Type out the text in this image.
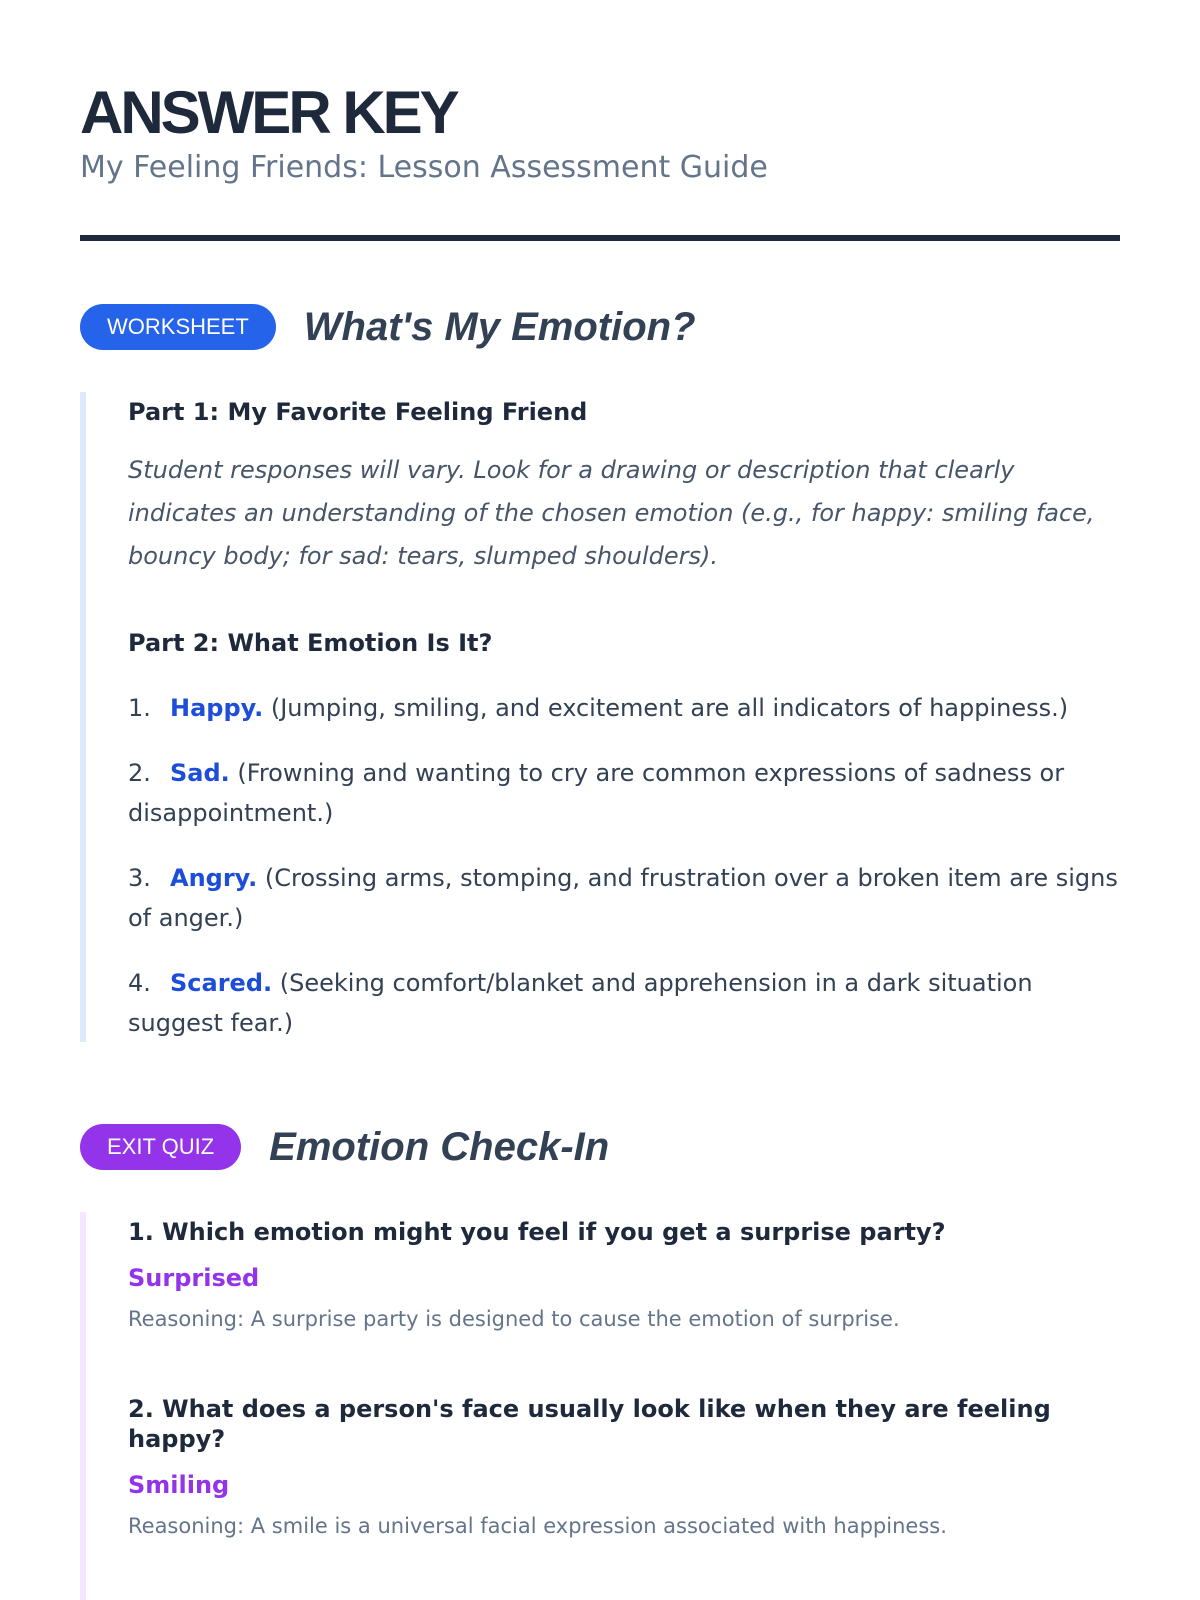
ANSWER KEY
My Feeling Friends: Lesson Assessment Guide
WORKSHEET	What's My Emotion?

Part 1: My Favorite Feeling Friend

Student responses will vary. Look for a drawing or description that clearly indicates an understanding of the chosen emotion (e.g., for happy: smiling face, bouncy body; for sad: tears, slumped shoulders).

Part 2: What Emotion Is It?

1. Happy. (Jumping, smiling, and excitement are all indicators of happiness.)

2. Sad. (Frowning and wanting to cry are common expressions of sadness or disappointment.)

3. Angry. (Crossing arms, stomping, and frustration over a broken item are signs of anger.)

4. Scared. (Seeking comfort/blanket and apprehension in a dark situation suggest fear.)

EXIT QUIZ	Emotion Check-In

1. Which emotion might you feel if you get a surprise party?

Surprised

Reasoning: A surprise party is designed to cause the emotion of surprise.

2. What does a person's face usually look like when they are feeling happy?

Smiling

Reasoning: A smile is a universal facial expression associated with happiness.
